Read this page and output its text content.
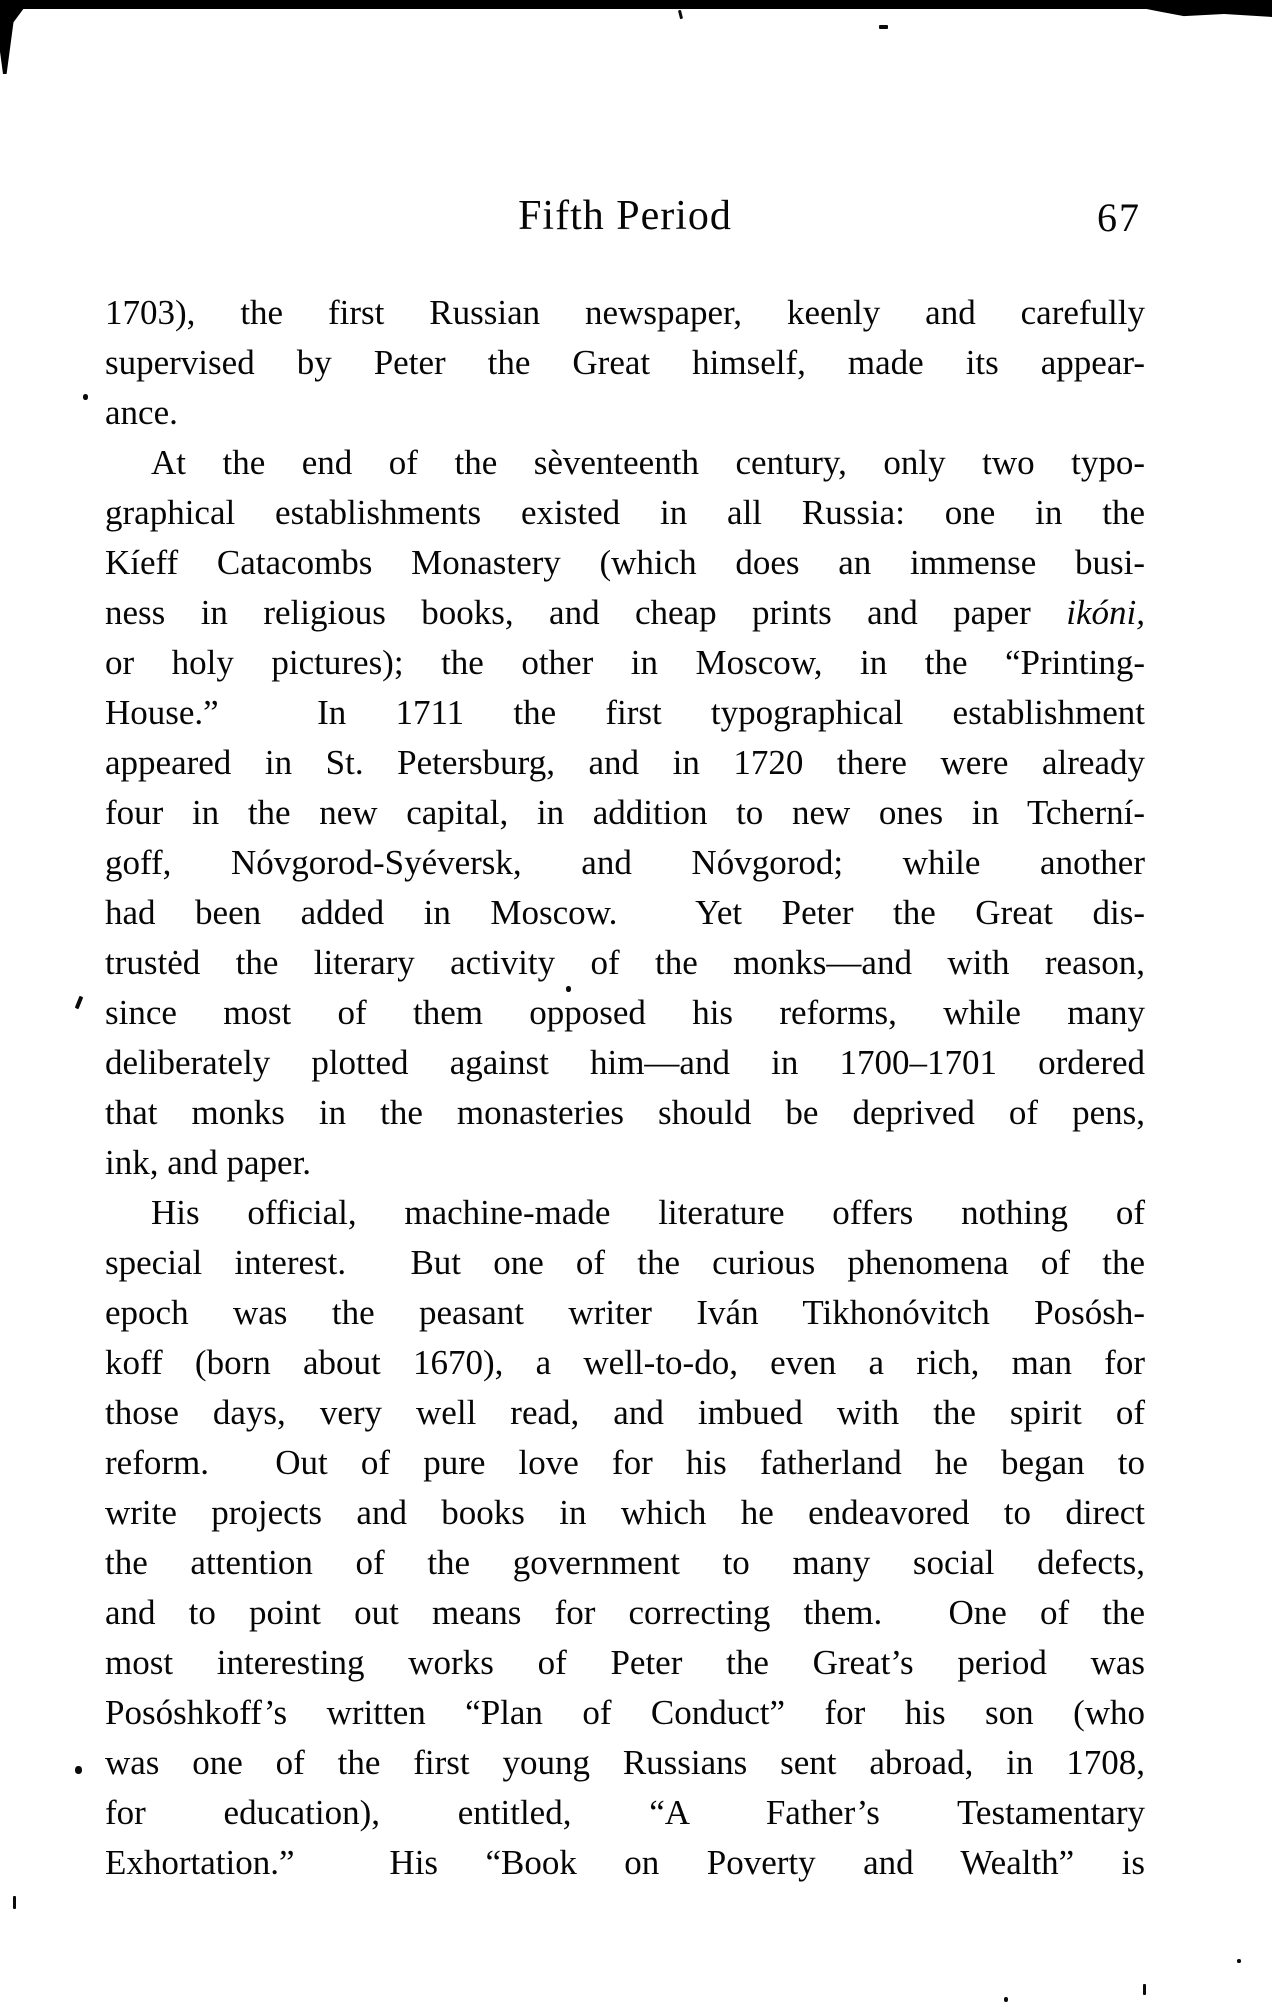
Fifth Period	67
1703), the first Russian newspaper, keenly and carefully
supervised by Peter the Great himself, made its appear-
ance.
At the end of the sèventeenth century, only two typo-
graphical establishments existed in all Russia: one in the
Kíeff Catacombs Monastery (which does an immense busi-
ness in religious books, and cheap prints and paper ikóni,
or holy pictures); the other in Moscow, in the “Printing-
House.”  In 1711 the first typographical establishment
appeared in St. Petersburg, and in 1720 there were already
four in the new capital, in addition to new ones in Tcherní-
goff, Nóvgorod-Syéversk, and Nóvgorod; while another
had been added in Moscow.  Yet Peter the Great dis-
trustėd the literary activity of the monks—and with reason,
since most of them opposed his reforms, while many
deliberately plotted against him—and in 1700–1701 ordered
that monks in the monasteries should be deprived of pens,
ink, and paper.
His official, machine-made literature offers nothing of
special interest.  But one of the curious phenomena of the
epoch was the peasant writer Iván Tikhonóvitch Posósh-
koff (born about 1670), a well-to-do, even a rich, man for
those days, very well read, and imbued with the spirit of
reform.  Out of pure love for his fatherland he began to
write projects and books in which he endeavored to direct
the attention of the government to many social defects,
and to point out means for correcting them.  One of the
most interesting works of Peter the Great’s period was
Posóshkoff’s written “Plan of Conduct” for his son (who
was one of the first young Russians sent abroad, in 1708,
for education), entitled, “A Father’s Testamentary
Exhortation.”  His “Book on Poverty and Wealth” is
